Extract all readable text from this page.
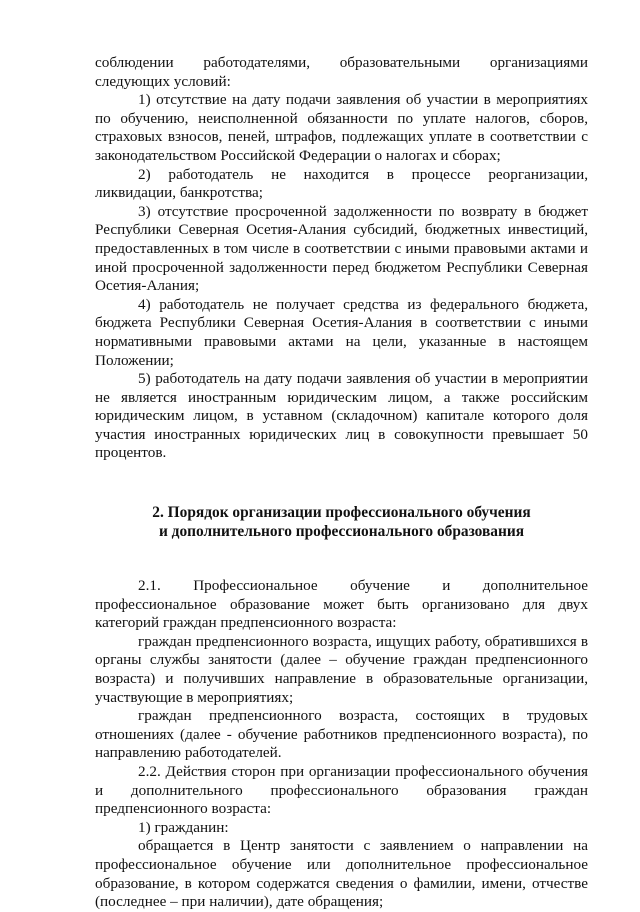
соблюдении работодателями, образовательными организациями следующих условий:

1) отсутствие на дату подачи заявления об участии в мероприятиях по обучению, неисполненной обязанности по уплате налогов, сборов, страховых взносов, пеней, штрафов, подлежащих уплате в соответствии с законодательством Российской Федерации о налогах и сборах;

2) работодатель не находится в процессе реорганизации, ликвидации, банкротства;

3) отсутствие просроченной задолженности по возврату в бюджет Республики Северная Осетия-Алания субсидий, бюджетных инвестиций, предоставленных в том числе в соответствии с иными правовыми актами и иной просроченной задолженности перед бюджетом Республики Северная Осетия-Алания;

4) работодатель не получает средства из федерального бюджета, бюджета Республики Северная Осетия-Алания в соответствии с иными нормативными правовыми актами на цели, указанные в настоящем Положении;

5) работодатель на дату подачи заявления об участии в мероприятии не является иностранным юридическим лицом, а также российским юридическим лицом, в уставном (складочном) капитале которого доля участия иностранных юридических лиц в совокупности превышает 50 процентов.

2. Порядок организации профессионального обучения
и дополнительного профессионального образования

2.1. Профессиональное обучение и дополнительное профессиональное образование может быть организовано для двух категорий граждан предпенсионного возраста:

граждан предпенсионного возраста, ищущих работу, обратившихся в органы службы занятости (далее – обучение граждан предпенсионного возраста) и получивших направление в образовательные организации, участвующие в мероприятиях;

граждан предпенсионного возраста, состоящих в трудовых отношениях (далее - обучение работников предпенсионного возраста), по направлению работодателей.

2.2. Действия сторон при организации профессионального обучения и дополнительного профессионального образования граждан предпенсионного возраста:

1) гражданин:

обращается в Центр занятости с заявлением о направлении на профессиональное обучение или дополнительное профессиональное образование, в котором содержатся сведения о фамилии, имени, отчестве (последнее – при наличии), дате обращения;
